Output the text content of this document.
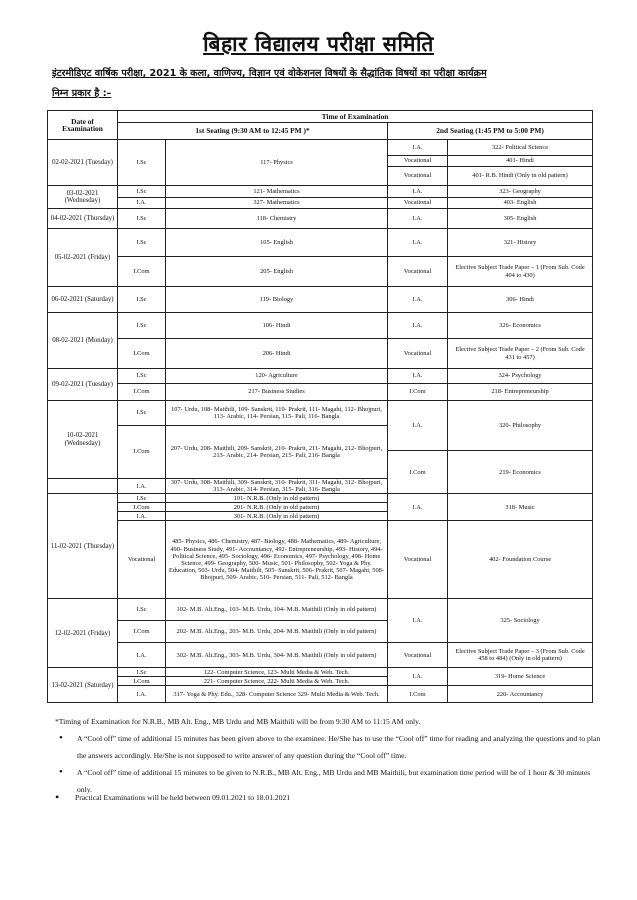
बिहार विद्यालय परीक्षा समिति
इंटरमीडिएट वार्षिक परीक्षा, 2021 के कला, वाणिज्य, विज्ञान एवं वोकेशनल विषयों के सैद्धांतिक विषयों का परीक्षा कार्यक्रम
निम्न प्रकार है :–
Date of Examination	Time of Examination			
	1st Seating (9:30 AM to 12:45 PM )*		2nd Seating (1:45 PM to 5:00 PM)	
02-02-2021 (Tuesday)	I.Sc	117- Physics	I.A.	322- Political Science
			Vocational	401- Hindi
			Vocational	401- R.B. Hindi (Only in old pattern)
03-02-2021 (Wednesday)	I.Sc	121- Mathematics	I.A.	323- Geography
	I.A.	327- Mathematics	Vocational	403- English
04-02-2021 (Thursday)	I.Sc	118- Chemistry	I.A.	305- English
05-02-2021 (Friday)	I.Sc	105- English	I.A.	321- History
	I.Com	205- English	Vocational	Elective Subject Trade Paper – 1 (From Sub. Code 404 to 430)
06-02-2021 (Saturday)	I.Sc	119- Biology	I.A.	306- Hindi
08-02-2021 (Monday)	I.Sc	106- Hindi	I.A.	326- Economics
	I.Com	206- Hindi	Vocational	Elective Subject Trade Paper – 2 (From Sub. Code 431 to 457)
09-02-2021 (Tuesday)	I.Sc	120- Agriculture	I.A.	324- Psychology
	I.Com	217- Business Studies	I.Com	218- Entrepreneurship
10-02-2021 (Wednesday)	I.Sc	107- Urdu, 108- Maithili, 109- Sanskrit, 110- Prakrit, 111- Magahi, 112- Bhojpuri, 113- Arabic, 114- Persian, 115- Pali, 116- Bangla	I.A.	320- Philosophy
	I.Com	207- Urdu, 208- Maithili, 209- Sanskrit, 210- Prakrit, 211- Magahi, 212- Bhojpuri, 213- Arabic, 214- Persian, 215- Pali, 216- Bangla		
			I.Com	219- Economics
	I.A.	307- Urdu, 308- Maithili, 309- Sanskrit, 310- Prakrit, 311- Magahi, 312- Bhojpuri, 313- Arabic, 314- Persian, 315- Pali, 316- Bangla		
11-02-2021 (Thursday)	I.Sc	101- N.R.B. (Only in old pattern)	I.A.	318- Music
	I.Com	201- N.R.B. (Only in old pattern)		
	I.A.	301- N.R.B. (Only in old pattern)		
	Vocational	485- Physics, 486- Chemistry, 487- Biology, 488- Mathematics, 489- Agriculture, 490- Business Study, 491- Accountancy, 492- Entrepreneurship, 493- History, 494- Political Science, 495- Sociology, 496- Economics, 497- Psychology, 498- Home Science, 499- Geography, 500- Music, 501- Philosophy, 502- Yoga & Phy. Education, 503- Urdu, 504- Maithili, 505- Sanskrit, 506- Prakrit, 507- Magahi, 508- Bhojpuri, 509- Arabic, 510- Persian, 511- Pali, 512- Bangla	Vocational	402- Foundation Course
12-02-2021 (Friday)	I.Sc	102- M.B. Alt.Eng., 103- M.B. Urdu, 104- M.B. Maithili (Only in old pattern)	I.A.	325- Sociology
	I.Com	202- M.B. Alt.Eng., 203- M.B. Urdu, 204- M.B. Maithili (Only in old pattern)		
	I.A.	302- M.B. Alt.Eng., 303- M.B. Urdu, 304- M.B. Maithili (Only in old pattern)	Vocational	Elective Subject Trade Paper – 3 (From Sub. Code 458 to 484) (Only in old pattern)
13-02-2021 (Saturday)	I.Sc	122- Computer Science, 123- Multi Media & Web. Tech.	I.A.	319- Home Science
	I.Com	221- Computer Science, 222- Multi Media & Web. Tech.		
	I.A.	317- Yoga & Phy. Edu., 328- Computer Science 329- Multi Media & Web. Tech.	I.Com	220- Accountancy

*Timing of Examination for N.R.B., MB Alt. Eng., MB Urdu and MB Maithili will be from 9:30 AM to 11:15 AM only.

• A “Cool off” time of additional 15 minutes has been given above to the examinee. He/She has to use the “Cool off” time for reading and analyzing the questions and to plan the answers accordingly. He/She is not supposed to write answer of any question during the “Cool off” time.

• A “Cool off” time of additional 15 minutes to be given to N.R.B., MB Alt. Eng., MB Urdu and MB Maithili, but examination time period will be of 1 hour & 30 minutes only.

• Practical Examinations will be held between 09.01.2021 to 18.01.2021
